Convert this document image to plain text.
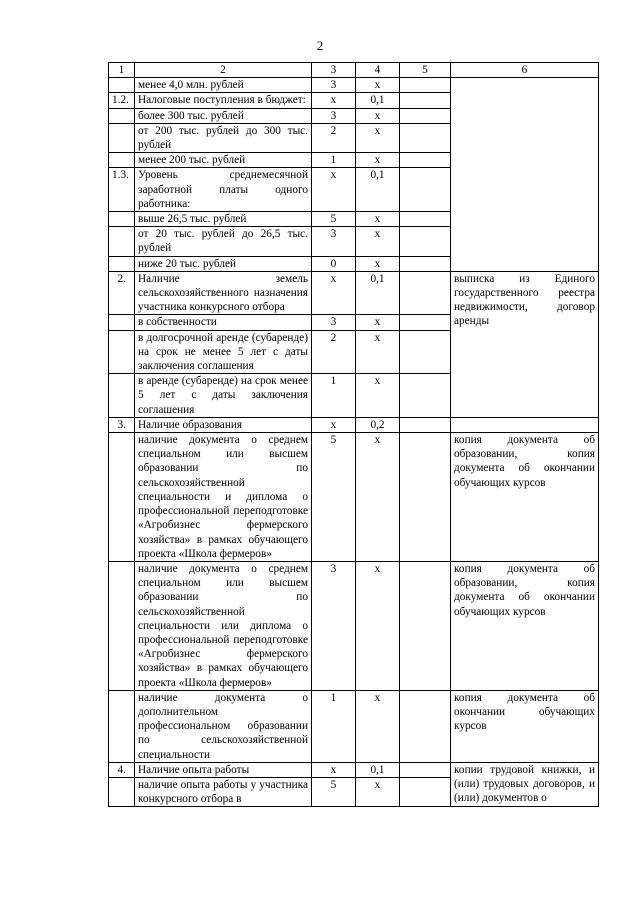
2
1	2	3	4	5	6
	менее 4,0 млн. рублей	3	x		
1.2.	Налоговые поступления в бюджет:	x	0,1		
	более 300 тыс. рублей	3	x		
	от 200 тыс. рублей до 300 тыс. рублей	2	x		
	менее 200 тыс. рублей	1	x		
1.3.	Уровень среднемесячной заработной платы одного работника:	x	0,1		
	выше 26,5 тыс. рублей	5	x		
	от 20 тыс. рублей до 26,5 тыс. рублей	3	x		
	ниже 20 тыс. рублей	0	x		
2.	Наличие земель сельскохозяйственного назначения участника конкурсного отбора	x	0,1		выписка из Единого государственного реестра недвижимости, договор аренды
	в собственности	3	x		
	в долгосрочной аренде (субаренде) на срок не менее 5 лет с даты заключения соглашения	2	x		
	в аренде (субаренде) на срок менее 5 лет с даты заключения соглашения	1	x		
3.	Наличие образования	x	0,2		
	наличие документа о среднем специальном или высшем образовании по сельскохозяйственной специальности и диплома о профессиональной переподготовке «Агробизнес фермерского хозяйства» в рамках обучающего проекта «Школа фермеров»	5	x		копия документа об образовании, копия документа об окончании обучающих курсов
	наличие документа о среднем специальном или высшем образовании по сельскохозяйственной специальности или диплома о профессиональной переподготовке «Агробизнес фермерского хозяйства» в рамках обучающего проекта «Школа фермеров»	3	x		копия документа об образовании, копия документа об окончании обучающих курсов
	наличие документа о дополнительном профессиональном образовании по сельскохозяйственной специальности	1	x		копия документа об окончании обучающих курсов
4.	Наличие опыта работы	x	0,1		копии трудовой книжки, и (или) трудовых договоров, и (или) документов о
	наличие опыта работы у участника конкурсного отбора в	5	x		
